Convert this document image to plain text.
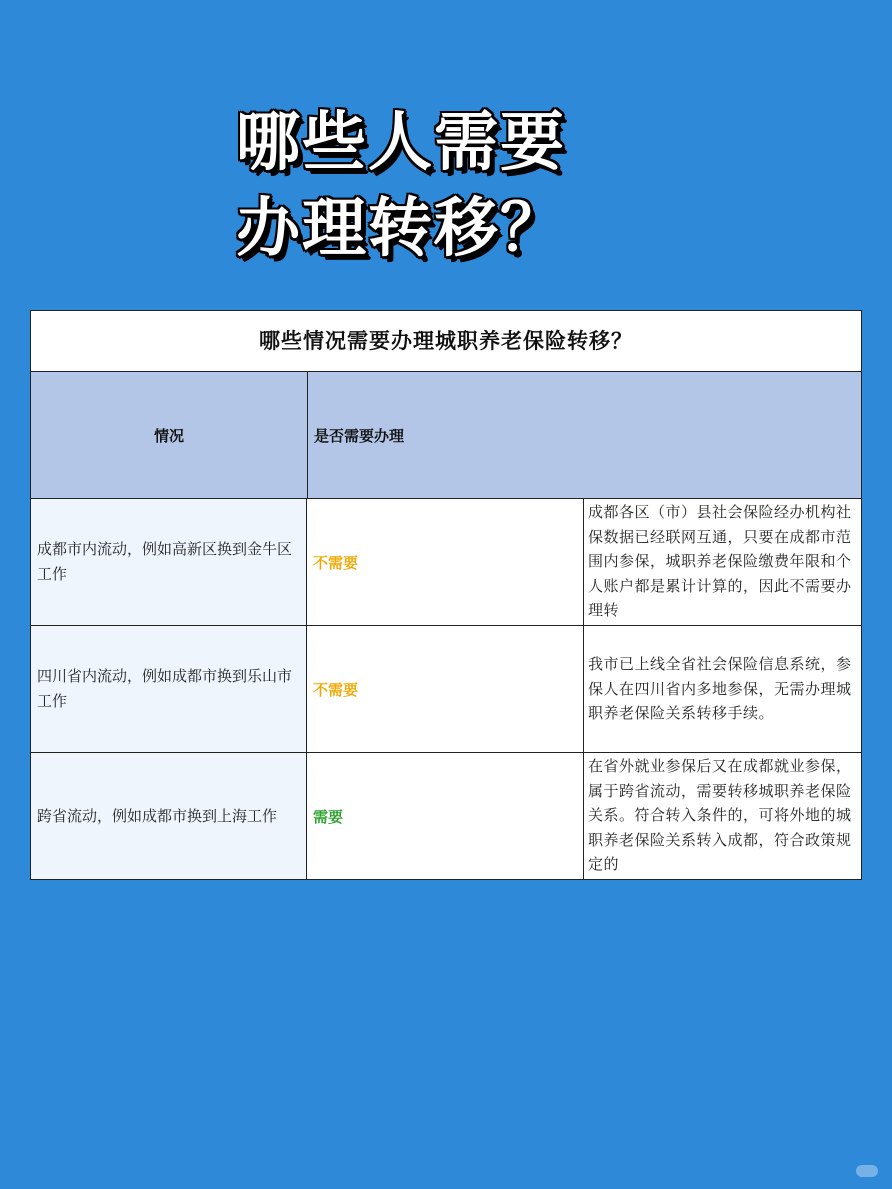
哪些人需要
办理转移？
哪些情况需要办理城职养老保险转移？
情况	是否需要办理
成都市内流动，例如高新区换到金牛区工作
不需要
成都各区（市）县社会保险经办机构社保数据已经联网互通，只要在成都市范围内参保，城职养老保险缴费年限和个人账户都是累计计算的，因此不需要办理转
四川省内流动，例如成都市换到乐山市工作
不需要
我市已上线全省社会保险信息系统，参保人在四川省内多地参保，无需办理城职养老保险关系转移手续。
跨省流动，例如成都市换到上海工作	需要
在省外就业参保后又在成都就业参保，属于跨省流动，需要转移城职养老保险关系。符合转入条件的，可将外地的城职养老保险关系转入成都，符合政策规定的
